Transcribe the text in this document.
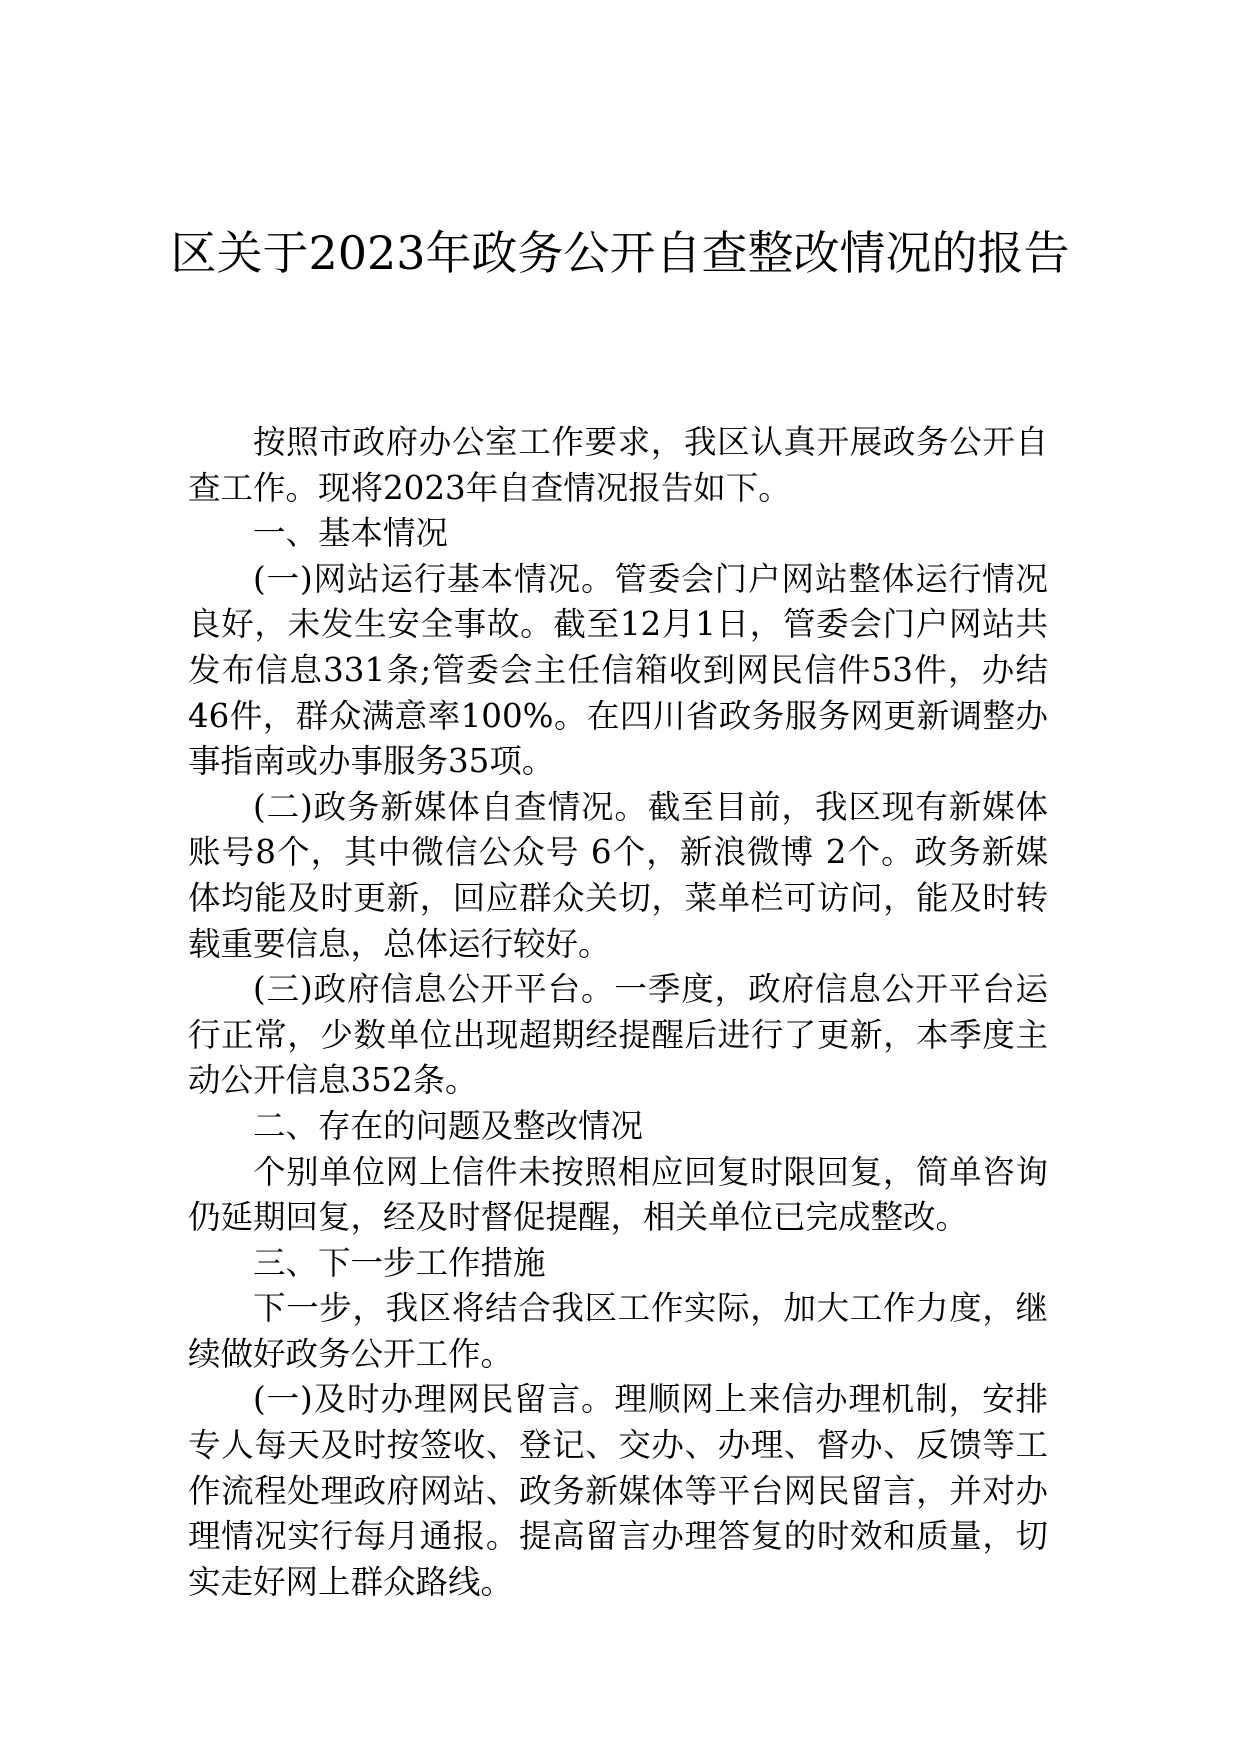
区关于2023年政务公开自查整改情况的报告

按照市政府办公室工作要求，我区认真开展政务公开自查工作。现将2023年自查情况报告如下。

一、基本情况

(一)网站运行基本情况。管委会门户网站整体运行情况良好，未发生安全事故。截至12月1日，管委会门户网站共发布信息331条;管委会主任信箱收到网民信件53件，办结46件，群众满意率100%。在四川省政务服务网更新调整办事指南或办事服务35项。

(二)政务新媒体自查情况。截至目前，我区现有新媒体账号8个，其中微信公众号 6个，新浪微博 2个。政务新媒体均能及时更新，回应群众关切，菜单栏可访问，能及时转载重要信息，总体运行较好。

(三)政府信息公开平台。一季度，政府信息公开平台运行正常，少数单位出现超期经提醒后进行了更新，本季度主动公开信息352条。

二、存在的问题及整改情况

个别单位网上信件未按照相应回复时限回复，简单咨询仍延期回复，经及时督促提醒，相关单位已完成整改。

三、下一步工作措施

下一步，我区将结合我区工作实际，加大工作力度，继续做好政务公开工作。

(一)及时办理网民留言。理顺网上来信办理机制，安排专人每天及时按签收、登记、交办、办理、督办、反馈等工作流程处理政府网站、政务新媒体等平台网民留言，并对办理情况实行每月通报。提高留言办理答复的时效和质量，切实走好网上群众路线。
